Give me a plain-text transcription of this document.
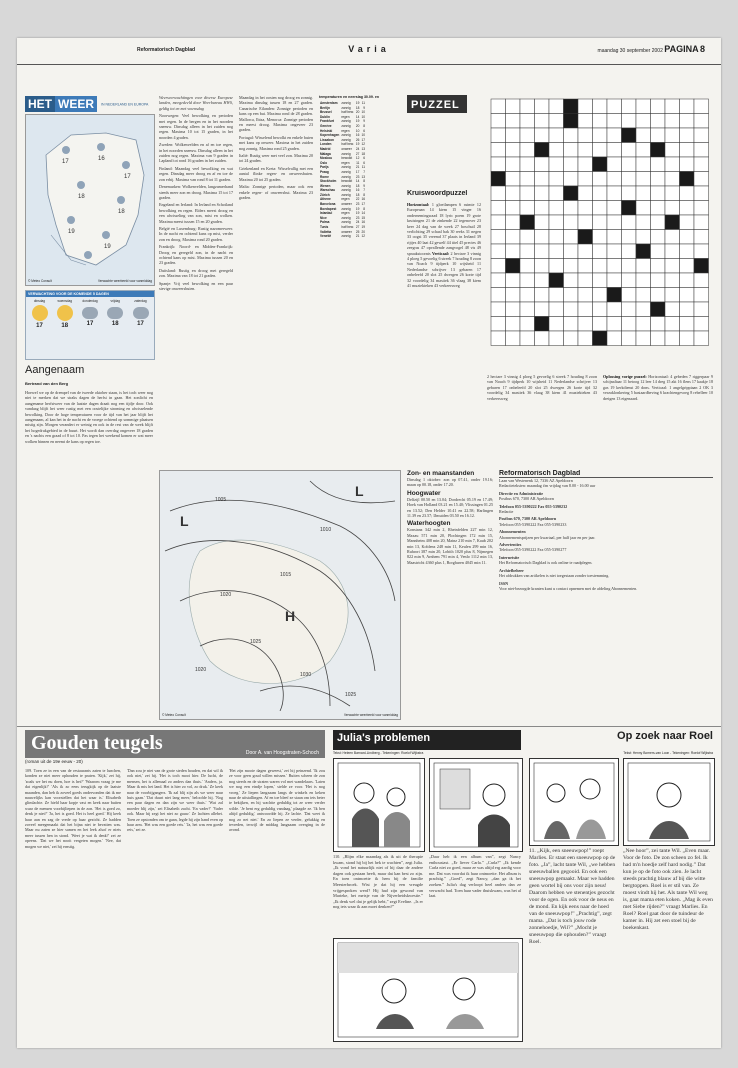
Reformatorisch Dagblad	Varia	maandag 30 september 2002 PAGINA 8
HET WEER IN NEDERLAND EN EUROPA
17	16
17
18
18
19
19
© Meteo Consult	Verwachte weerbeeld voor vanmiddag
VERWACHTING VOOR DE KOMENDE 5 DAGEN
dinsdag
17
woensdag
18
donderdag
17
vrijdag
18
zaterdag
17
Aangenaam
Bertrand van den Berg
Hoewel we op de drempel van de tweede oktober staan, is het toch weer nog niet te merken dat we straks dagen de herfst in gaan. Het zonlicht en aangename herfstweer van de laatste dagen draait nog een tijdje door. Ook vandaag blijft het weer rustig met een oostelijke stroming en afwisselende bewolking. Door de hoge temperaturen voor de tijd van het jaar blijft het aangenaam, al kan het in de nacht en de vroege ochtend op sommige plaatsen mistig zijn. Morgen verandert er weinig en ook in de rest van de week blijft het hogedrukgebied in de buurt. Het wordt dan overdag ongeveer 18 graden en 's nachts een graad of 8 tot 10. Pas tegen het weekend komen er wat meer wolken binnen en neemt de kans op regen toe.

Weersverwachtingen voor diverse Europese landen, meegedeeld door Weerbureau HWS, geldig tot en met woensdag

Noorwegen: Veel bewolking en perioden met regen. In de bergen en in het noorden sneeuw. Dinsdag alleen in het zuiden nog regen. Maxima 10 tot 15 graden, in het noorden 4 graden.

Zweden: Wolkenvelden en af en toe regen, in het noorden sneeuw. Dinsdag alleen in het zuiden nog regen. Maxima van 9 graden in Lapland tot rond 16 graden in het zuiden.

Finland: Maandag veel bewolking en wat regen. Dinsdag meer droog en af en toe de zon erbij. Maxima van rond 8 tot 11 graden.

Denemarken: Wolkenvelden, langzamerhand steeds meer zon en droog. Maxima 15 tot 17 graden.

Engeland en Ierland: In Ierland en Schotland bewolking en regen. Elders meest droog en een afwisseling van zon, mist en wolken. Maxima meest tussen 15 en 20 graden.

België en Luxemburg: Rustig nazomerweer. In de nacht en ochtend kans op mist, verder zon en droog. Maxima rond 20 graden.

Frankrijk: Noord- en Midden-Frankrijk: Droog en geregeld zon, in de nacht en ochtend kans op mist. Maxima tussen 20 en 23 graden.

Duitsland: Rustig en droog met geregeld zon. Maxima van 18 tot 21 graden.

Spanje: Vrij veel bewolking en een paar stevige onweersbuien.

Maandag in het oosten nog droog en zonnig. Maxima dinsdag tussen 18 en 27 graden. Canarische Eilanden: Zonnige perioden en kans op een bui. Maxima rond de 28 graden. Mallorca, Ibiza, Menorca: Zonnige perioden en meest droog. Maxima ongeveer 23 graden.

Portugal: Wisselend bewolkt en enkele buien met kans op onweer. Maxima in het zuiden nog zonnig. Maxima rond 25 graden.

Italië: Rustig weer met veel zon. Maxima 20 tot 24 graden.

Griekenland en Kreta: Wisselvallig met een aantal flinke regen- en onweersbuien. Maxima 20 tot 25 graden.

Malta: Zonnige perioden, maar ook een enkele regen- of onweersbui. Maxima 23 graden.

temperaturen en neerslag 30.09. en
Amsterdam	zonnig	19	11
Berlijn	zonnig	18	9
Brussel	half bew.	20	10
Dublin	regen	14	10
Frankfurt	zonnig	19	9
Genève	zonnig	20	8
Helsinki	regen	10	6
Kopenhagen	zonnig	16	10
Lissabon	zonnig	26	17
Londen	half bew.	19	12
Madrid	onweer	24	13
Málaga	zonnig	27	18
Moskou	bewolkt	12	6
Oslo	regen	11	6
Parijs	zonnig	21	11
Praag	zonnig	17	7
Rome	zonnig	23	13
Stockholm	bewolkt	14	8
Wenen	zonnig	18	9
Warschau	zonnig	16	7
Zürich	zonnig	18	8
Athene	regen	22	16
Barcelona	onweer	23	17
Boedapest	zonnig	19	8
Istanbul	regen	19	14
Nice	zonnig	23	15
Palma	zonnig	24	16
Tunis	half bew.	27	19
Valletta	onweer	25	20
Venetië	zonnig	21	12
PUZZEL
Kruiswoordpuzzel
Horizontaal: 1 gloeilampen 6 ruimte 12 Europeaan 14 kiem 15 vinger 16 ondernemingsraad 18 lyric poem 19 grote kruisingen 21 de zinkende 22 tegenover 23 keer 24 dag van de week 27 boschuil 28 verlichting 29 schaal bak 30 reeks 31 negen 33 oogst 35 vreemd 37 plaats in Ierland 39 rijtjes 40 laat 42 gewelf 44 titel 45 precies 46 zeegras 47 opvallende zangvogel 48 vis 49 spraakstoornis Verticaal: 2 hectare 3 vinnig 4 ploeg 5 gevoelig 6 streek 7 houding 8 zoon van Noach 9 tijdperk 10 wijsheid 11 Nederlandse schrijver 13 gebaren 17 onbeleefd 20 slot 25 dwergen 26 korte tijd 32 voordelig 34 mastiek 36 vlaag 38 kiem 41 muziekteken 43 verkeersweg
2 hectare 3 vinnig 4 ploeg 5 gevoelig 6 streek 7 houding 8 zoon van Noach 9 tijdperk 10 wijsheid 11 Nederlandse schrijver 13 gebaren 17 onbeleefd 20 slot 25 dwergen 26 korte tijd 32 voordelig 34 mastiek 36 vlaag 38 kiem 41 muziekteken 43 verkeersweg
Oplossing vorige puzzel: Horizontaal: 4 gebeden 7 riggerpaar 9 schijnaltaar 11 betoog 12 leer 14 dreg 15 akt 16 flens 17 kaakje 18 gas 19 kerkdienst 20 dons. Verticaal: 1 angelgrippiaan 2 OK 3 verzaklonkering 5 bastaardbeving 6 krachtengevoeg 8 rebelleer 10 dreigen 13 eigenaard.
1005
1010
1015
1020
1025
1030
1020
1025
L
L
H
© Meteo Consult	Verwachte weerbeeld voor vanmiddag
Zon- en maanstanden
Dinsdag 1 oktober: zon op 07.41, onder 19.16; maan op 00.18, onder 17.20.
Hoogwater
Delfzijl 00.50 en 13.04; Dordrecht 05.19 en 17.49; Hoek van Holland 03.21 en 15.40; Vlissingen 01.25 en 13.52; Den Helder 10.41 en 22.58; Harlingen 11.39 en 23.57; IJmuiden 03.50 en 16.12.
Waterhoogten
Konstanz 342 min 2, Rheinfelden 227 min 12, Maxau 571 min 20, Plochingen 172 min 15, Mannheim 408 min 20, Mainz 210 min 7, Kaub 202 min 13, Koblenz 248 min 11, Keulen 299 min 16, Ruhrort 387 min 20, Lobith 1020 plus 8, Nijmegen 822 min 9, Arnhem 791 min 4, Venlo 1112 min 13, Maastricht 4360 plus 1, Borgharen 4045 min 11.
Reformatorisch Dagblad
Laan van Westenenk 12, 7336 AZ Apeldoorn
Redactieteksten: maandag t/m vrijdag van 8.00 - 16.00 uur
Directie en Administratie
Postbus 670, 7300 AR Apeldoorn
Telefoon 055-5390222 Fax 055-5390232
Redactie
Postbus 670, 7300 AR Apeldoorn
Telefoon 055-5390222 Fax 055-5390233
Abonnementen
Abonnementsprijzen per kwartaal, per half jaar en per jaar.
Advertenties
Telefoon 055-5390222 Fax 055-5390277
Internetsite
Het Reformatorisch Dagblad is ook online te raadplegen.
Archiefbeheer
Het afdrukken van artikelen is niet toegestaan zonder toestemming.
ISSN
Voor niet-bezorgde kranten kunt u contact opnemen met de afdeling Abonnementen.
Gouden teugels	Door A. van Hoogstraten-Schoch
(roman uit de 19e eeuw - 20)
109. Toen ze in een van de restaurants zaten te lunchen, konden ze niet meer ophouden te praten. 'Kijk,' zei hij, 'zoals we het nu doen, hoe is het?' 'Waarom vraag je me dat eigenlijk?' 'Als ik zo eens terugkijk op de laatste maanden, dan heb ik zoveel goeds ondervonden dat ik me nauwelijks kan voorstellen dat het waar is.' Elisabeth glimlachte. Ze hield haar kopje vast en keek naar buiten waar de mensen voorbijliepen in de zon. 'Het is goed zo, denk je niet?' 'Ja, het is goed. Het is heel goed.' Hij keek haar aan en zag de vrede op haar gezicht. Ze hadden zoveel meegemaakt dat het bijna niet te bevatten was. Maar nu zaten ze hier samen en het leek alsof er niets meer tussen hen in stond. 'Weet je wat ik denk?' zei ze opeens. 'Dat we het nooit vergeten mogen.' 'Nee, dat mogen we niet,' zei hij ernstig.
'Dan zou je niet van de grote steden houden, en dat wil ik ook niet,' zei hij. 'Het is toch mooi hier. De lucht, de mensen, het is allemaal zo anders dan thuis.' 'Anders, ja. Maar ik mis het land. Het is hier zo vol, zo druk.' Ze keek naar de voorbijgangers. 'Ik zal blij zijn als we weer naar huis gaan.' 'Dat duurt niet lang meer,' beloofde hij. 'Nog een paar dagen en dan zijn we weer thuis.' 'Wat zal moeder blij zijn,' zei Elisabeth zacht. 'En vader?' 'Vader ook. Maar hij zegt het niet zo gauw.' Ze lachten allebei. Toen ze opstonden om te gaan, legde hij zijn hand even op haar arm. 'Het was een goede reis.' 'Ja, het was een goede reis,' zei ze.
'Het zijn mooie dagen geweest,' zei hij peinzend. 'Ik zou ze voor geen goud willen missen.' Buiten scheen de zon nog steeds en de straten waren vol met wandelaars. 'Laten we nog een eindje lopen,' stelde ze voor. 'Het is nog vroeg.' Ze liepen langzaam langs de winkels en keken naar de uitstallingen. Af en toe bleef ze staan om iets beter te bekijken, en hij wachtte geduldig tot ze weer verder wilde. 'Je bent erg geduldig vandaag,' plaagde ze. 'Ik ben altijd geduldig,' antwoordde hij. Ze lachte. 'Dat weet ik nog zo net niet.' En zo liepen ze verder, gelukkig en tevreden, terwijl de middag langzaam overging in de avond.
Julia's problemen
Tekst: Heleen Barnard-Lindberg - Tekeningen: Roelof Wijkstra
110. „Blijm elke maandag als ik uit de therapie kwam, stond hij bij het hek te wachten”, zegt Julia. „Ik vond het natuurlijk niet of hij daar de andere dagen ook gestaan heeft, maar dat kan best zo zijn. En toen ontmoette ik hem bij de familie Meesterbroek. Wist je dat hij een vreugde vrijgesproken werd? Hij had zijn gewond van Marieke, het meisje van de Nijverheidskwestie.” „Ik denk wel dat je gelijk hebt,” zegt Eveline. „Is er nog iets waar ik aan moet denken?”
„Daar heb ik een album van”, zegt Nancy enthousiast. „Er liever Carla.” „Carla?” „Ik kende Carla niet zo goed, maar ze was altijd erg aardig voor me. Dat was voordat ik haar ontmoette. Het album is prachtig.” „Goed”, zegt Nancy, „dan ga ik het zoeken.” Julia's dag verloopt heel anders dan ze verwacht had. Toen haar vader thuiskwam, was het al laat.
Op zoek naar Roel
Tekst: Henny Bomers-van Loon - Tekeningen: Roelof Wijkstra
11. „Kijk, een sneeuwpop!” roept Marlies. Er staat een sneeuwpop op de foto. „Ja”, lacht tante Wil, „we hebben sneeuwballen gegooid. En ook een sneeuwpop gemaakt. Maar we hadden geen wortel bij ons voor zijn neus! Daarom hebben we stenentjes gezocht voor de ogen. En ook voor de neus en de mond. En kijk eens naar de hoed van de sneeuwpop!” „Prachtig”, zegt mama. „Dat is toch jouw rode zonnehoedje, Wil?” „Mocht je sneeuwpop die ophouden?” vraagt Roel.
„Nee hoor”, zei tante Wil. „Even maar. Voor de foto. De zon scheen zo fel. Ik had m'n hoedje zelf hard nodig.” Dat kun je op de foto ook zien. Je lacht steeds prachtig blauw af bij die witte bergtoppen. Roel is er stil van. Ze moest vindt hij het. Als tante Wil weg is, gaat mama eten koken. „Mag ik even met Siebe rijden?” vraagt Marlies. En Roel? Roel gaat door de tuindeur de kamer in. Hij zet een stoel bij de boekenkast.
